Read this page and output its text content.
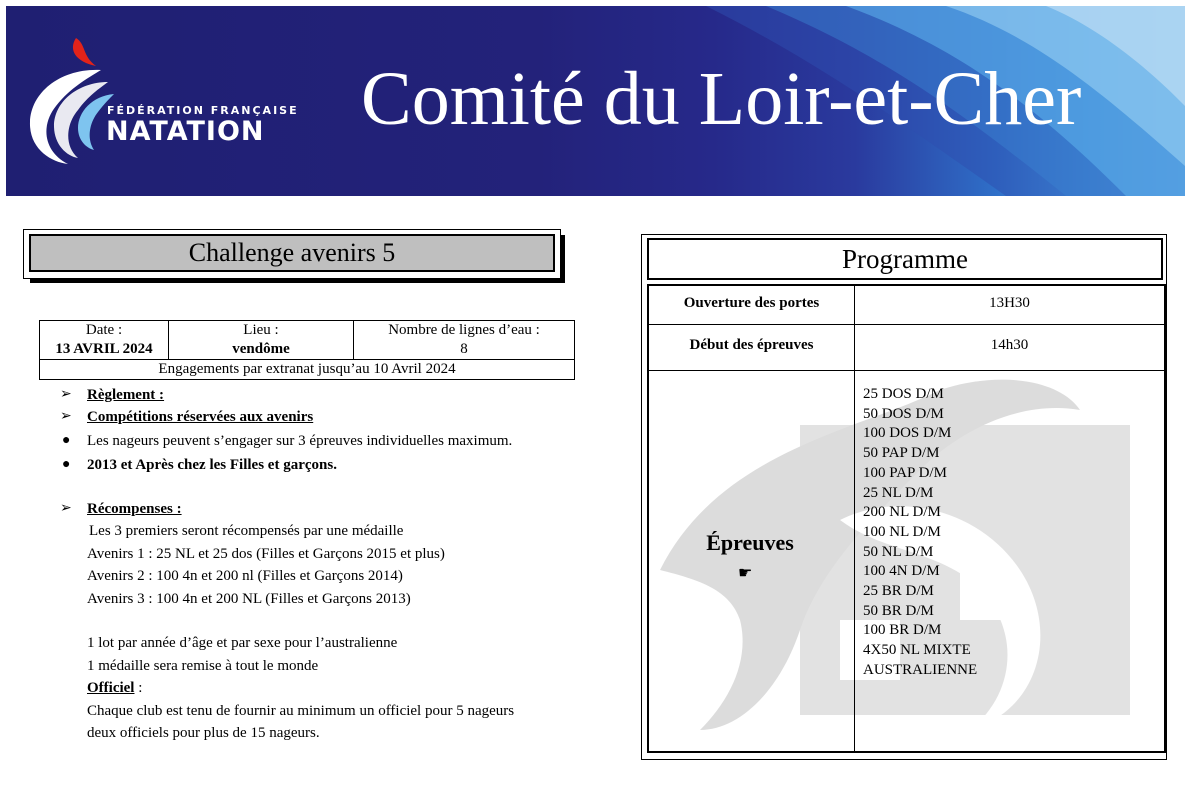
FÉDÉRATION FRANÇAISE
NATATION Comité du Loir-et-Cher
Challenge avenirs 5
Date :
13 AVRIL 2024	
Lieu :
vendôme	
Nombre de lignes d’eau :
8

Engagements par extranat jusqu’au 10 Avril 2024
➢ Règlement :
➢ Compétitions réservées aux avenirs
● Les nageurs peuvent s’engager sur 3 épreuves individuelles maximum.
● 2013 et Après chez les Filles et garçons.
➢ Récompenses :
Les 3 premiers seront récompensés par une médaille
Avenirs 1 : 25 NL et 25 dos (Filles et Garçons 2015 et plus)
Avenirs 2 : 100 4n et 200 nl (Filles et Garçons 2014)
Avenirs 3 : 100 4n et 200 NL (Filles et Garçons 2013)
1 lot par année d’âge et par sexe pour l’australienne
1 médaille sera remise à tout le monde
Officiel :
Chaque club est tenu de fournir au minimum un officiel pour 5 nageurs
deux officiels pour plus de 15 nageurs.
Programme
Ouverture des portes	13H30
Début des épreuves	14h30
Épreuves
☛
25 DOS D/M
50 DOS D/M
100 DOS D/M
50 PAP D/M
100 PAP D/M
25 NL D/M
200 NL D/M
100 NL D/M
50 NL D/M
100 4N D/M
25 BR D/M
50 BR D/M
100 BR D/M
4X50 NL MIXTE
AUSTRALIENNE
